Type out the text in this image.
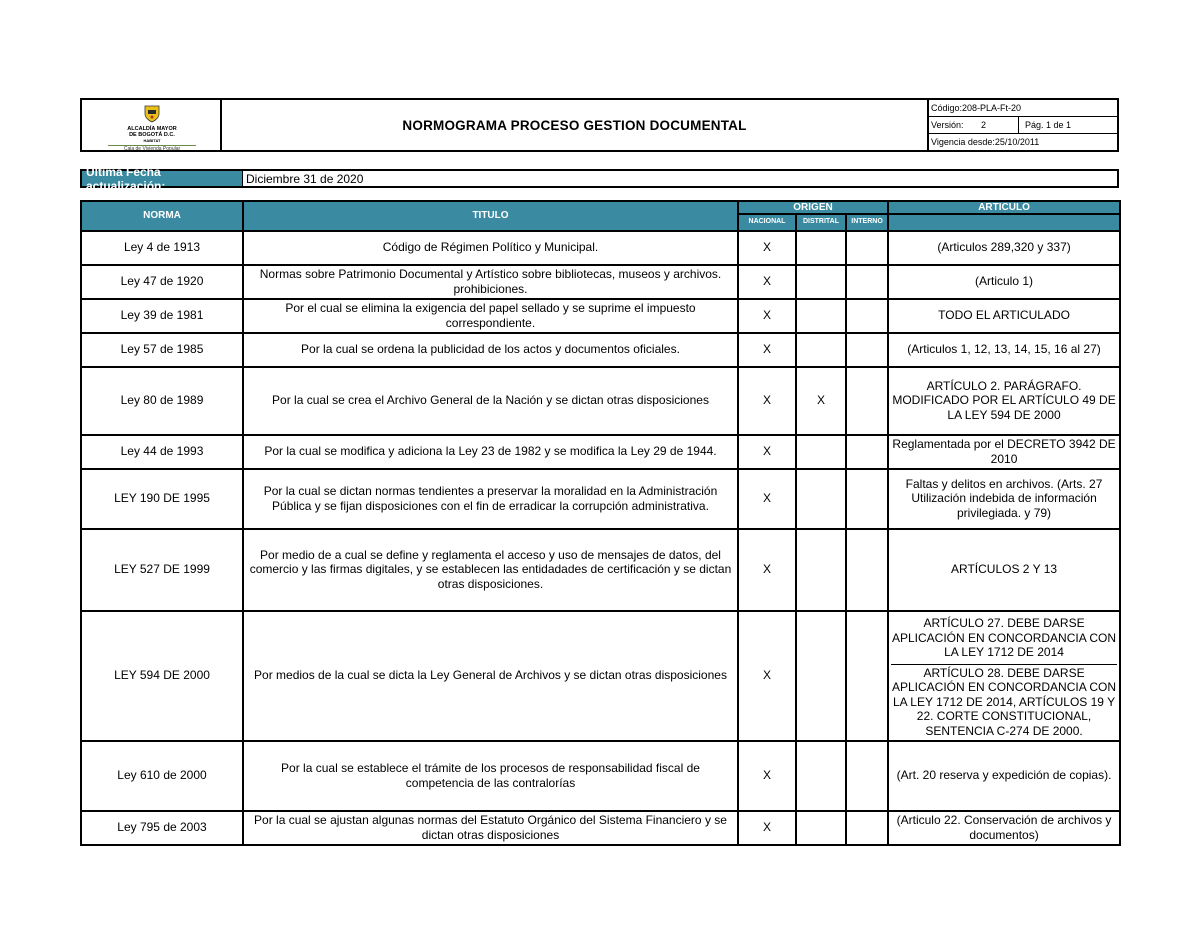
ALCALDÍA MAYOR
DE BOGOTÁ D.C.
HABITAT
Caja de Vivienda Popular
NORMOGRAMA PROCESO GESTION DOCUMENTAL
Código:208-PLA-Ft-20
Versión:	2	Pág. 1 de 1
Vigencia desde:25/10/2011
Ultima Fecha actualización:	Diciembre 31 de 2020
NORMA	TITULO	ORIGEN			ARTICULO
		NACIONAL	DISTRITAL	INTERNO	
Ley 4 de 1913	Código de Régimen Político y Municipal.	X			(Articulos 289,320 y 337)
Ley 47 de 1920	Normas sobre Patrimonio Documental y Artístico sobre bibliotecas, museos y archivos. prohibiciones.	X			(Articulo 1)
Ley 39 de 1981	Por el cual se elimina la exigencia del papel sellado y se suprime el impuesto correspondiente.	X			TODO EL ARTICULADO
Ley 57 de 1985	Por la cual se ordena la publicidad de los actos y documentos oficiales.	X			(Articulos 1, 12, 13, 14, 15, 16 al 27)
Ley 80 de 1989	Por la cual se crea el Archivo General de la Nación y se dictan otras disposiciones	X	X		ARTÍCULO 2. PARÁGRAFO. MODIFICADO POR EL ARTÍCULO 49 DE LA LEY 594 DE 2000
Ley 44 de 1993	Por la cual se modifica y adiciona la Ley 23 de 1982 y se modifica la Ley 29 de 1944.	X			Reglamentada por el DECRETO 3942 DE 2010
LEY 190 DE 1995	Por la cual se dictan normas tendientes a preservar la moralidad en la Administración Pública y se fijan disposiciones con el fin de erradicar la corrupción administrativa.	X			Faltas y delitos en archivos. (Arts. 27 Utilización indebida de información privilegiada. y 79)
LEY 527 DE 1999	Por medio de a cual se define y reglamenta el acceso y uso de mensajes de datos, del comercio y las firmas digitales, y se establecen las entidadades de certificación y se dictan otras disposiciones.	X			ARTÍCULOS 2 Y 13
LEY 594 DE 2000	Por medios de la cual se dicta la Ley General de Archivos y se dictan otras disposiciones	X			ARTÍCULO 27. DEBE DARSE APLICACIÓN EN CONCORDANCIA CON LA LEY 1712 DE 2014
ARTÍCULO 28. DEBE DARSE APLICACIÓN EN CONCORDANCIA CON LA LEY 1712 DE 2014, ARTÍCULOS 19 Y 22. CORTE CONSTITUCIONAL, SENTENCIA C-274 DE 2000.

Ley 610 de 2000	Por la cual se establece el trámite de los procesos de responsabilidad fiscal de competencia de las contralorías	X			(Art. 20 reserva y expedición de copias).
Ley 795 de 2003	Por la cual se ajustan algunas normas del Estatuto Orgánico del Sistema Financiero y se dictan otras disposiciones	X			(Articulo 22. Conservación de archivos y documentos)
